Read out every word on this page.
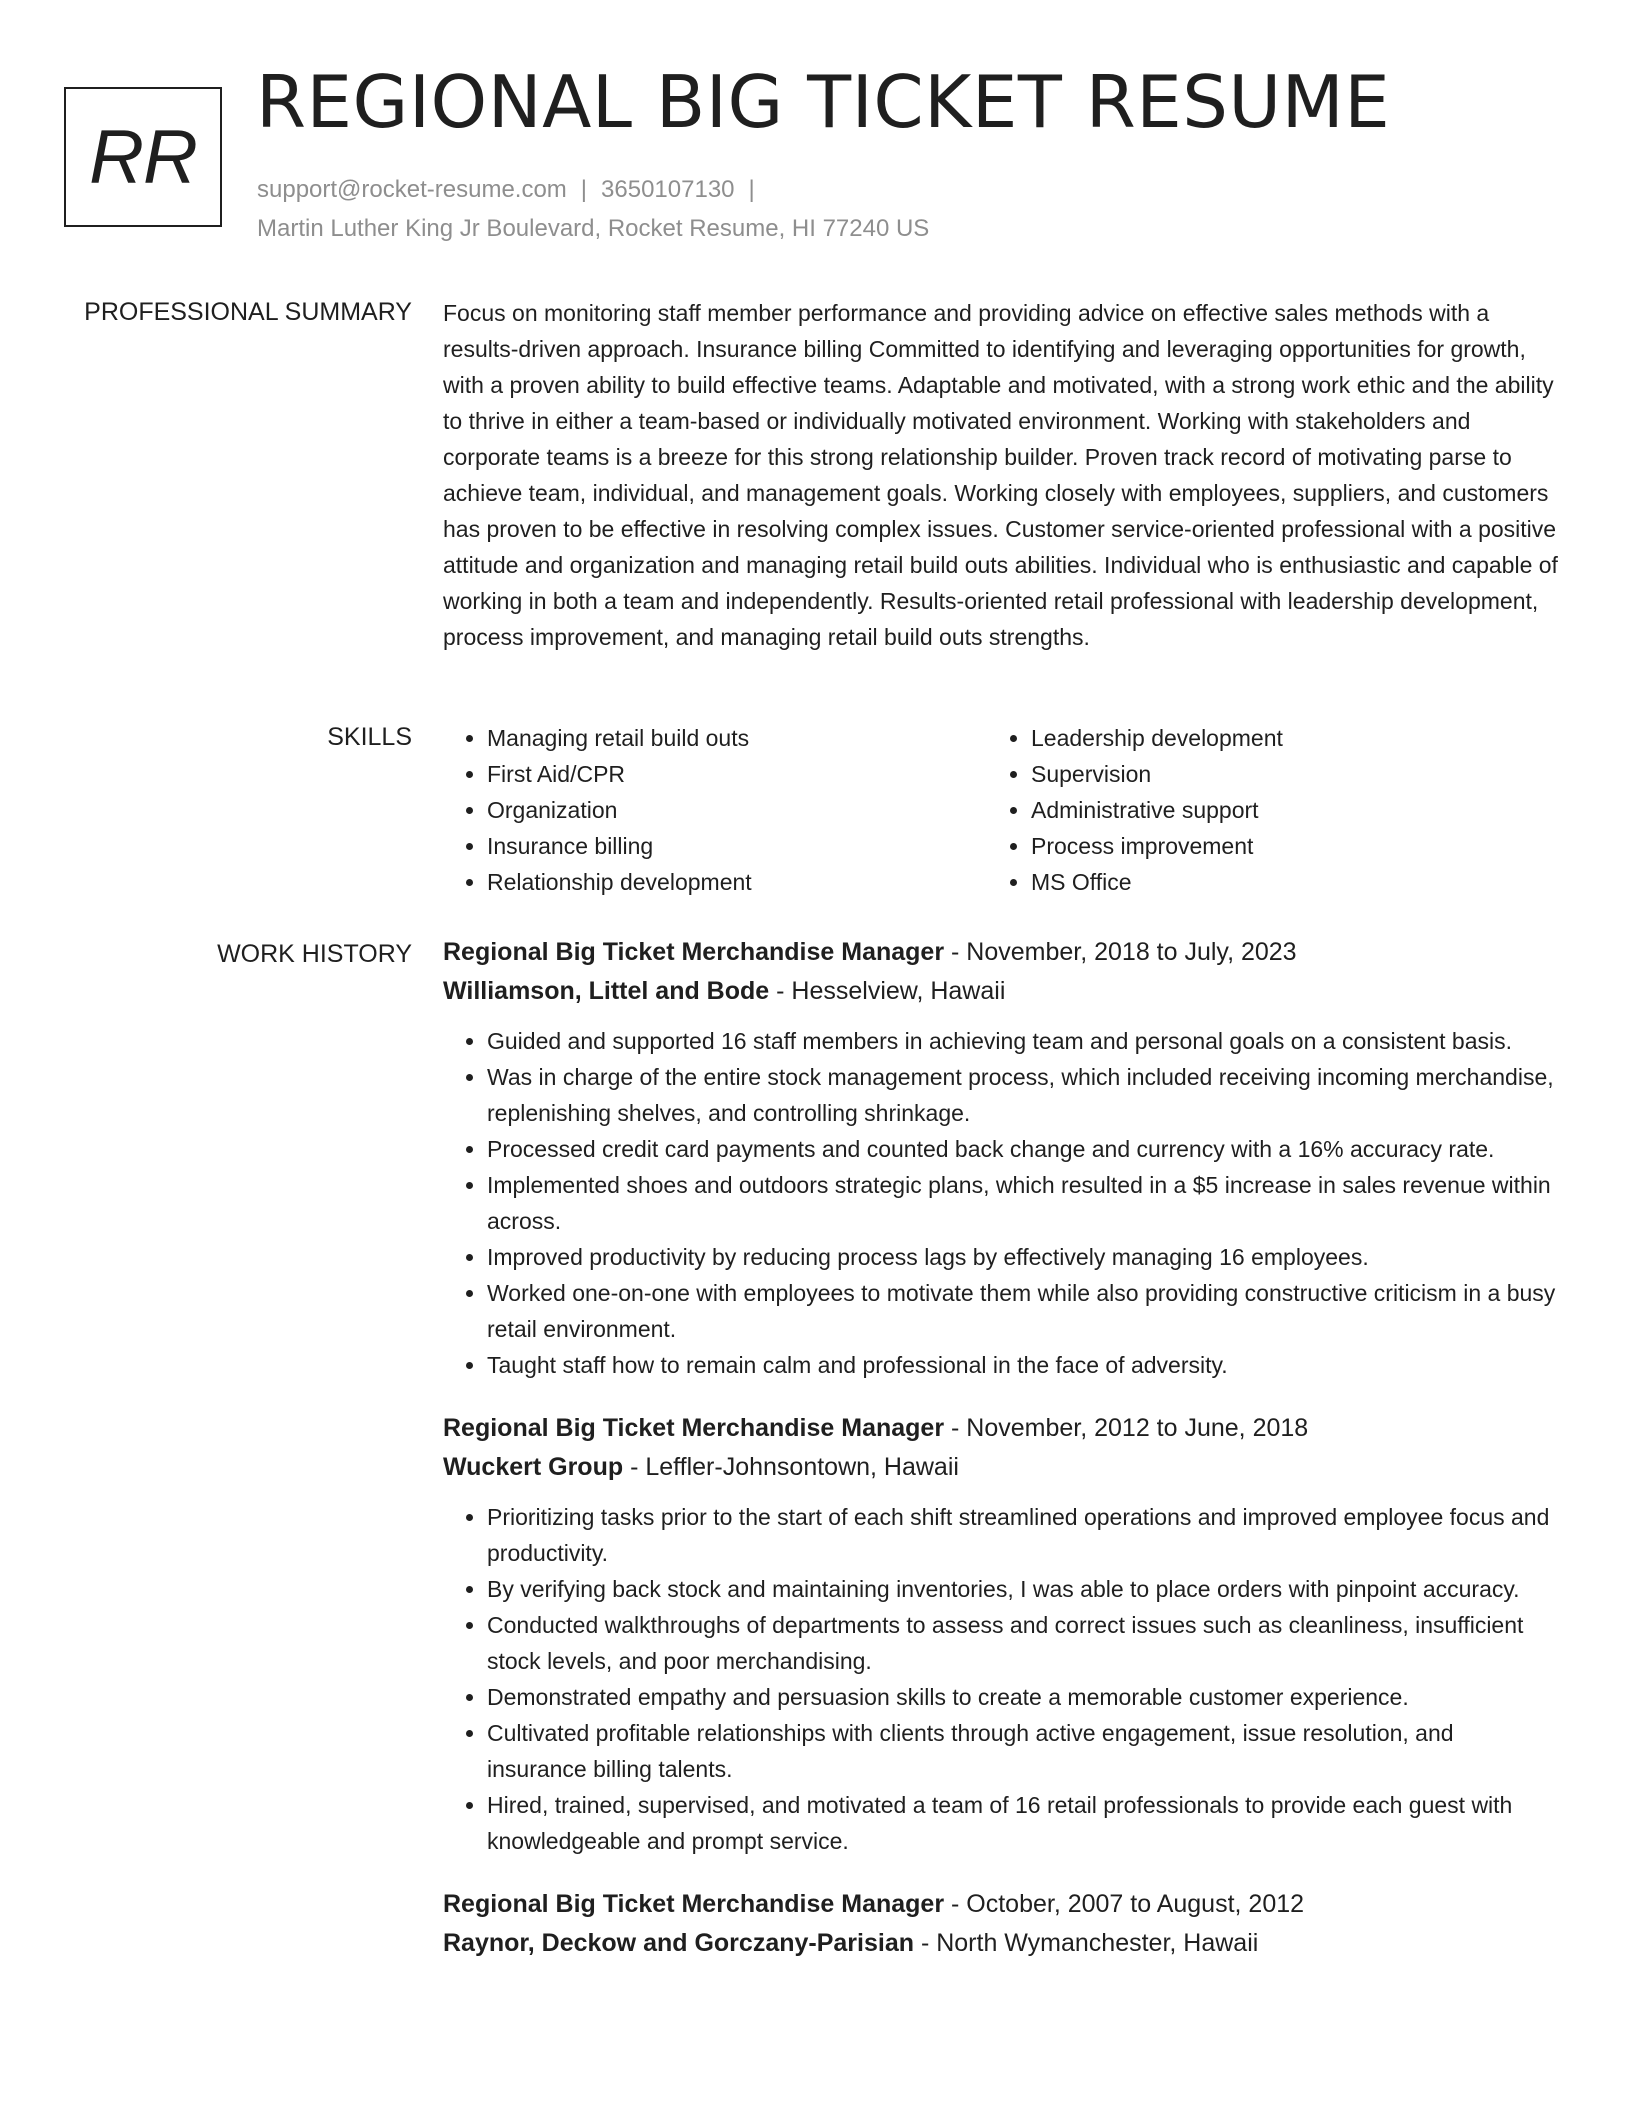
RR
REGIONAL BIG TICKET RESUME
support@rocket-resume.com | 3650107130 |
Martin Luther King Jr Boulevard, Rocket Resume, HI 77240 US
PROFESSIONAL SUMMARY Focus on monitoring staff member performance and providing advice on effective sales methods with a results-driven approach. Insurance billing Committed to identifying and leveraging opportunities for growth, with a proven ability to build effective teams. Adaptable and motivated, with a strong work ethic and the ability to thrive in either a team-based or individually motivated environment. Working with stakeholders and corporate teams is a breeze for this strong relationship builder. Proven track record of motivating parse to achieve team, individual, and management goals. Working closely with employees, suppliers, and customers has proven to be effective in resolving complex issues. Customer service-oriented professional with a positive attitude and organization and managing retail build outs abilities. Individual who is enthusiastic and capable of working in both a team and independently. Results-oriented retail professional with leadership development, process improvement, and managing retail build outs strengths.

SKILLS
•	Managing retail build outs
• First Aid/CPR
• Organization
• Insurance billing
• Relationship development
• Leadership development
• Supervision
• Administrative support
• Process improvement
• MS Office
WORK HISTORY Regional Big Ticket Merchandise Manager - November, 2018 to July, 2023
Williamson, Littel and Bode - Hesselview, Hawaii
• Guided and supported 16 staff members in achieving team and personal goals on a consistent basis.
• Was in charge of the entire stock management process, which included receiving incoming merchandise, replenishing shelves, and controlling shrinkage.
• Processed credit card payments and counted back change and currency with a 16% accuracy rate.
• Implemented shoes and outdoors strategic plans, which resulted in a $5 increase in sales revenue within across.
• Improved productivity by reducing process lags by effectively managing 16 employees.
• Worked one-on-one with employees to motivate them while also providing constructive criticism in a busy retail environment.
• Taught staff how to remain calm and professional in the face of adversity.
Regional Big Ticket Merchandise Manager - November, 2012 to June, 2018
Wuckert Group - Leffler-Johnsontown, Hawaii
• Prioritizing tasks prior to the start of each shift streamlined operations and improved employee focus and productivity.
• By verifying back stock and maintaining inventories, I was able to place orders with pinpoint accuracy.
• Conducted walkthroughs of departments to assess and correct issues such as cleanliness, insufficient stock levels, and poor merchandising.
• Demonstrated empathy and persuasion skills to create a memorable customer experience.
• Cultivated profitable relationships with clients through active engagement, issue resolution, and insurance billing talents.
• Hired, trained, supervised, and motivated a team of 16 retail professionals to provide each guest with knowledgeable and prompt service.
Regional Big Ticket Merchandise Manager - October, 2007 to August, 2012
Raynor, Deckow and Gorczany-Parisian - North Wymanchester, Hawaii
